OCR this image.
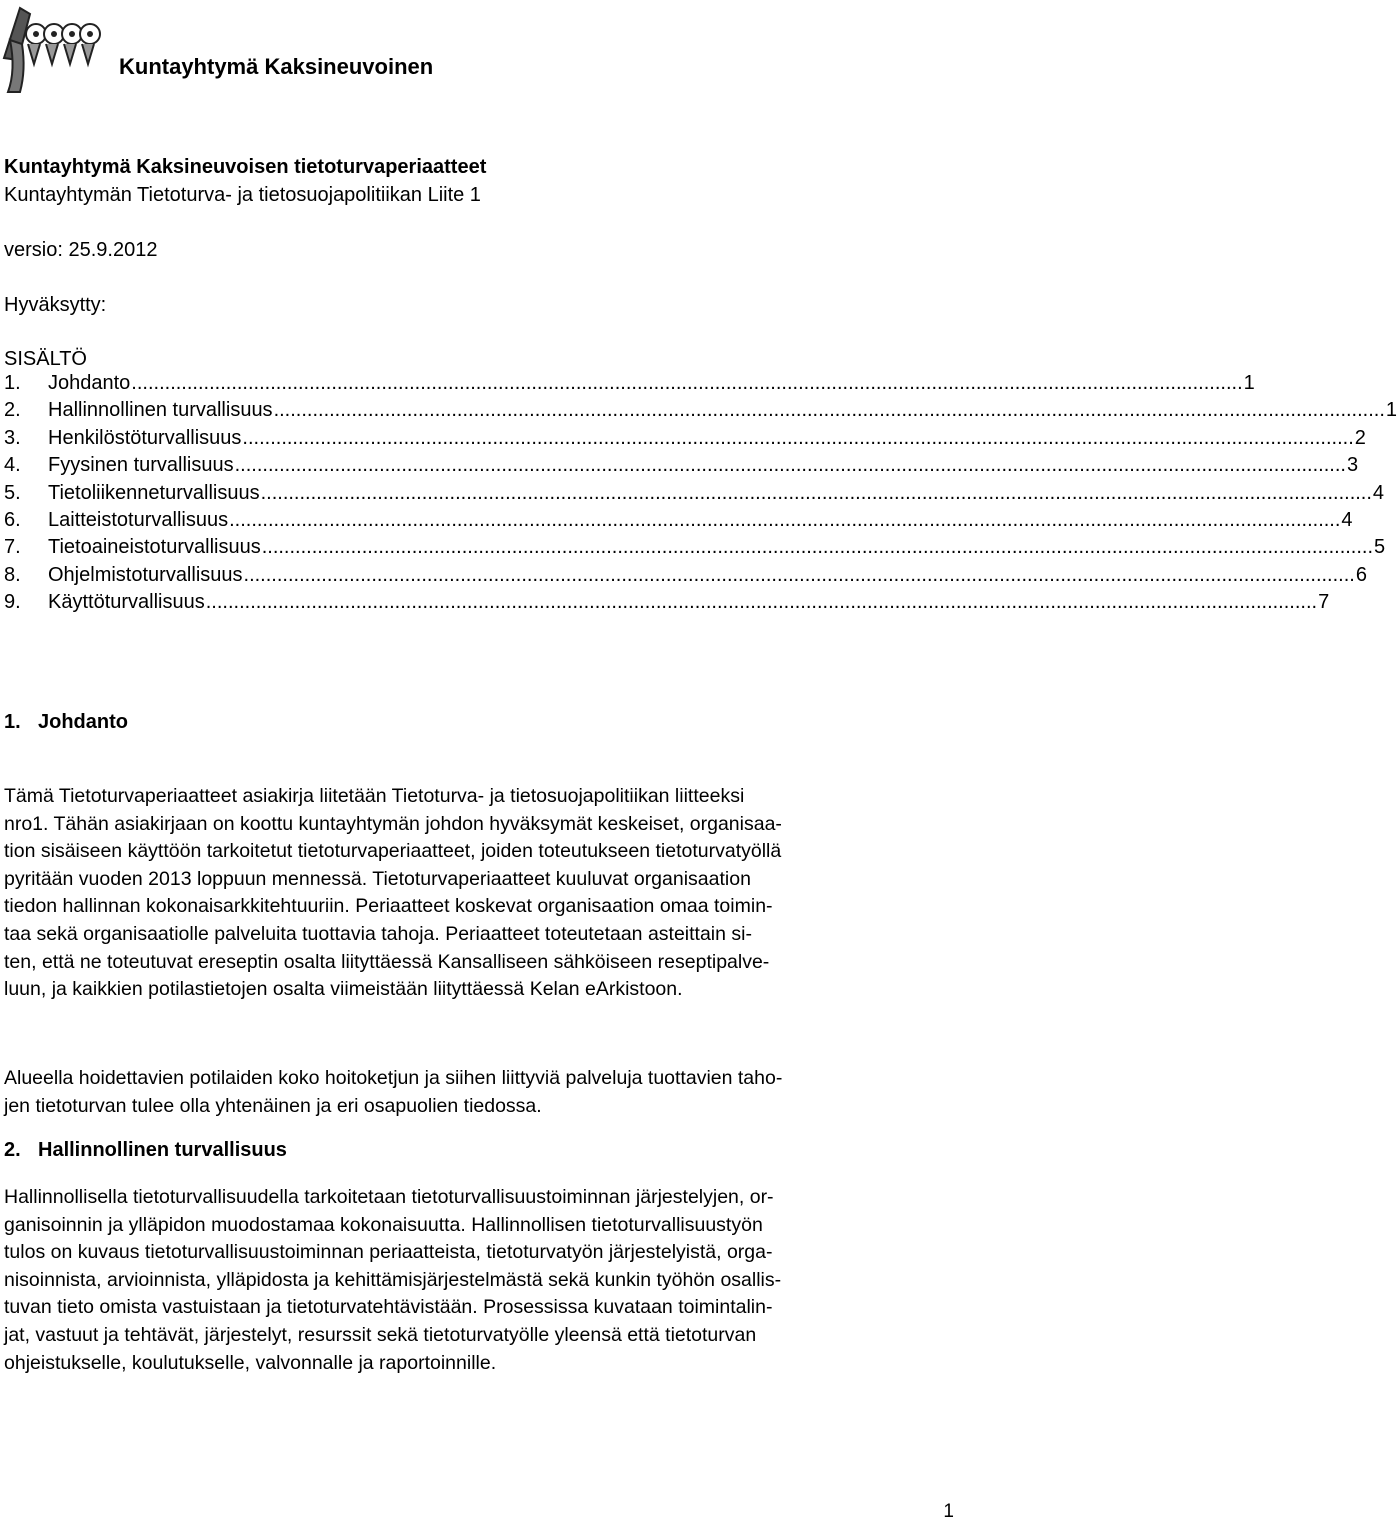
Kuntayhtymä Kaksineuvoinen
Kuntayhtymä Kaksineuvoisen tietoturvaperiaatteet
Kuntayhtymän Tietoturva- ja tietosuojapolitiikan Liite 1
versio: 25.9.2012
Hyväksytty:
SISÄLTÖ
1.	Johdanto ........................................................................................................................................................................................................ 1
2.	Hallinnollinen turvallisuus ........................................................................................................................................................................................................ 1
3.	Henkilöstöturvallisuus ........................................................................................................................................................................................................ 2
4.	Fyysinen turvallisuus ........................................................................................................................................................................................................ 3
5.	Tietoliikenneturvallisuus ........................................................................................................................................................................................................ 4
6.	Laitteistoturvallisuus ........................................................................................................................................................................................................ 4
7.	Tietoaineistoturvallisuus ........................................................................................................................................................................................................ 5
8.	Ohjelmistoturvallisuus ........................................................................................................................................................................................................ 6
9.	Käyttöturvallisuus ........................................................................................................................................................................................................ 7
1. Johdanto
Tämä Tietoturvaperiaatteet asiakirja liitetään Tietoturva- ja tietosuojapolitiikan liitteeksi
nro1. Tähän asiakirjaan on koottu kuntayhtymän johdon hyväksymät keskeiset, organisaa-
tion sisäiseen käyttöön tarkoitetut tietoturvaperiaatteet, joiden toteutukseen tietoturvatyöllä
pyritään vuoden 2013 loppuun mennessä. Tietoturvaperiaatteet kuuluvat organisaation
tiedon hallinnan kokonaisarkkitehtuuriin. Periaatteet koskevat organisaation omaa toimin-
taa sekä organisaatiolle palveluita tuottavia tahoja. Periaatteet toteutetaan asteittain si-
ten, että ne toteutuvat ereseptin osalta liityttäessä Kansalliseen sähköiseen reseptipalve-
luun, ja kaikkien potilastietojen osalta viimeistään liityttäessä Kelan eArkistoon.
Alueella hoidettavien potilaiden koko hoitoketjun ja siihen liittyviä palveluja tuottavien taho-
jen tietoturvan tulee olla yhtenäinen ja eri osapuolien tiedossa.
2. Hallinnollinen turvallisuus
Hallinnollisella tietoturvallisuudella tarkoitetaan tietoturvallisuustoiminnan järjestelyjen, or-
ganisoinnin ja ylläpidon muodostamaa kokonaisuutta. Hallinnollisen tietoturvallisuustyön
tulos on kuvaus tietoturvallisuustoiminnan periaatteista, tietoturvatyön järjestelyistä, orga-
nisoinnista, arvioinnista, ylläpidosta ja kehittämisjärjestelmästä sekä kunkin työhön osallis-
tuvan tieto omista vastuistaan ja tietoturvatehtävistään. Prosessissa kuvataan toimintalin-
jat, vastuut ja tehtävät, järjestelyt, resurssit sekä tietoturvatyölle yleensä että tietoturvan
ohjeistukselle, koulutukselle, valvonnalle ja raportoinnille.
1
